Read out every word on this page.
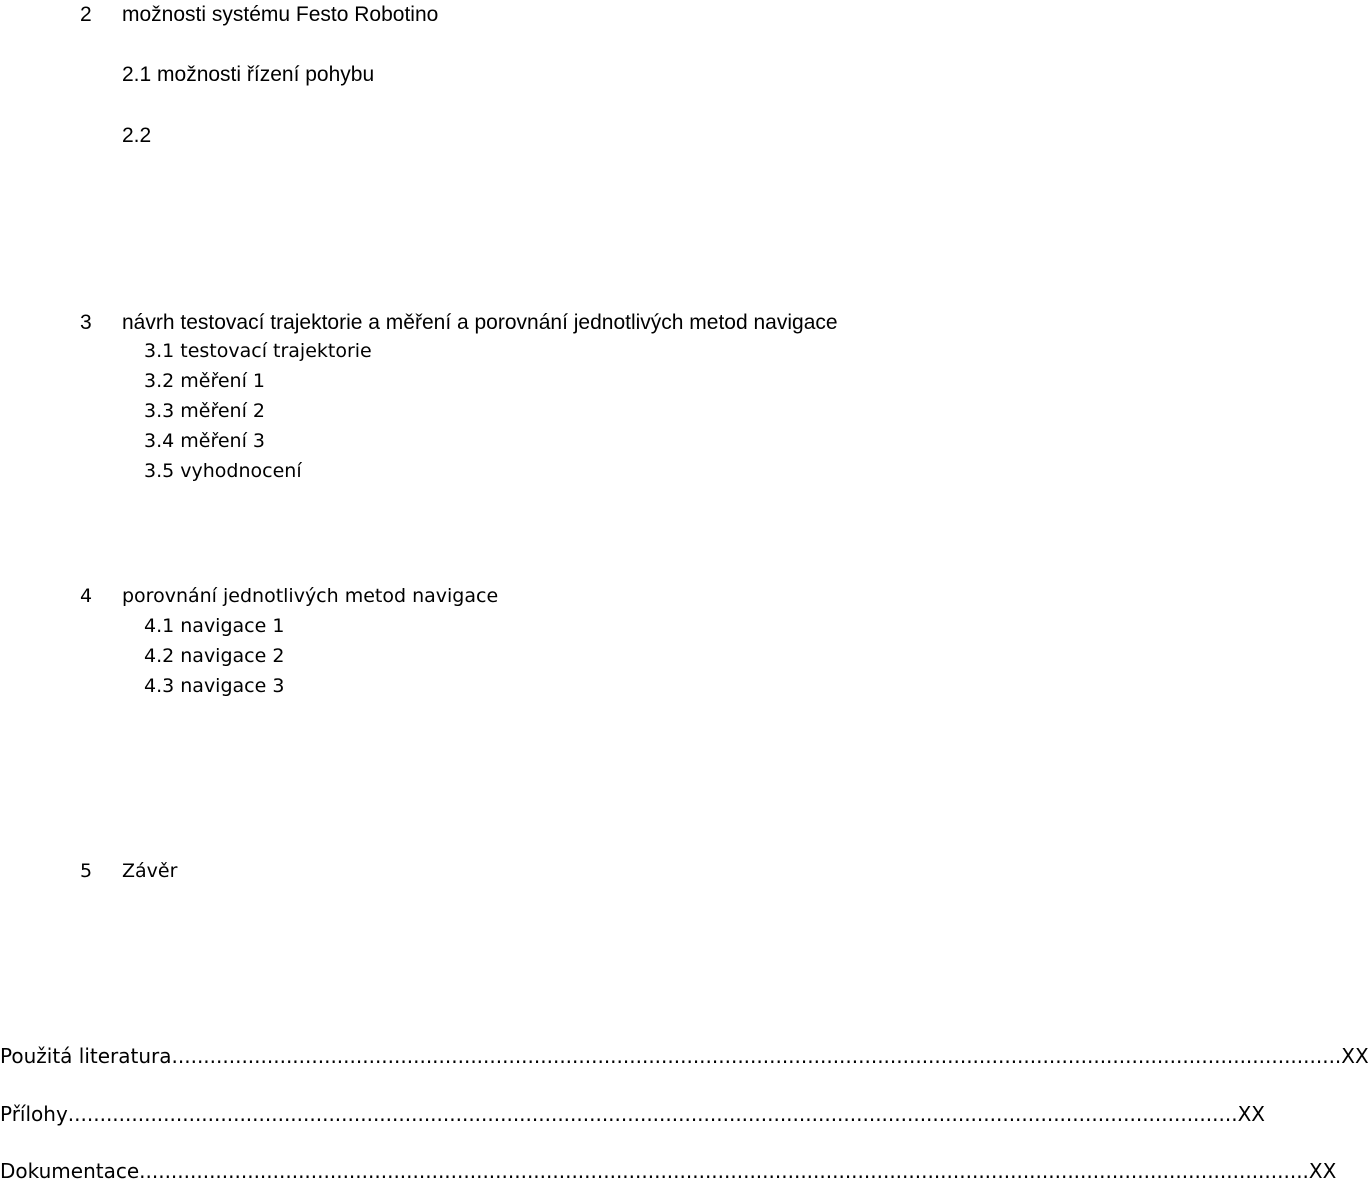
2 možnosti systému Festo Robotino
2.1 možnosti řízení pohybu
2.2
3 návrh testovací trajektorie a měření a porovnání jednotlivých metod navigace
3.1 testovací trajektorie
3.2 měření 1
3.3 měření 2
3.4 měření 3
3.5 vyhodnocení
4 porovnání jednotlivých metod navigace
4.1 navigace 1
4.2 navigace 2
4.3 navigace 3
5 Závěr
Použitá literatura ........................................................................................................................................................................................ XX
Přílohy ........................................................................................................................................................................................ XX
Dokumentace ........................................................................................................................................................................................ XX
